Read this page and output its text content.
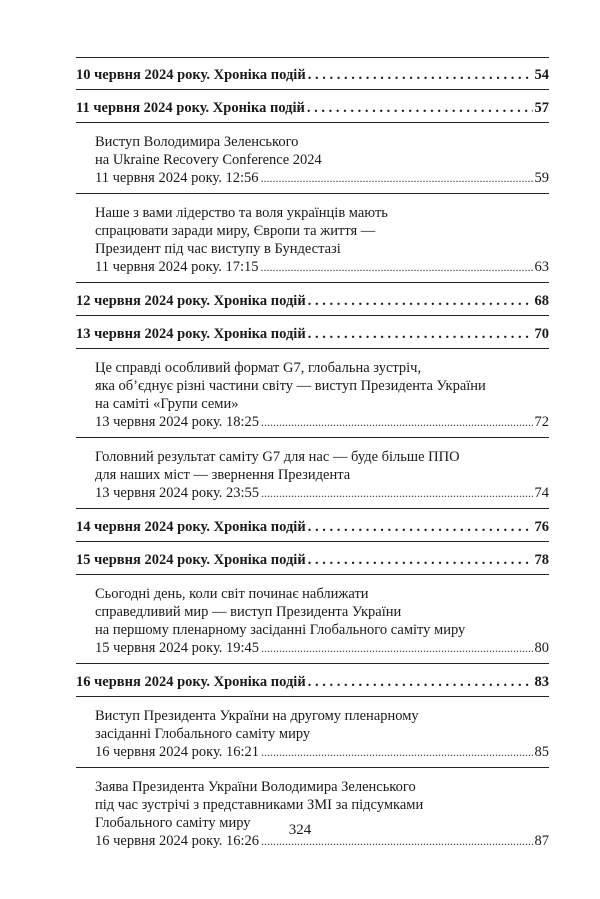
10 червня 2024 року. Хроніка подій . . .	54
11 червня 2024 року. Хроніка подій . . .	57
Виступ Володимира Зеленського
на Ukraine Recovery Conference 2024
11 червня 2024 року. 12:56 .....	59
Наше з вами лідерство та воля українців мають
спрацювати заради миру, Європи та життя —
Президент під час виступу в Бундестазі
11 червня 2024 року. 17:15 .....	63
12 червня 2024 року. Хроніка подій . . .	68
13 червня 2024 року. Хроніка подій . . .	70
Це справді особливий формат G7, глобальна зустріч,
яка об’єднує різні частини світу — виступ Президента України
на саміті «Групи семи»
13 червня 2024 року. 18:25 .....	72
Головний результат саміту G7 для нас — буде більше ППО
для наших міст — звернення Президента
13 червня 2024 року. 23:55 .....	74
14 червня 2024 року. Хроніка подій . . .	76
15 червня 2024 року. Хроніка подій . . .	78
Сьогодні день, коли світ починає наближати
справедливий мир — виступ Президента України
на першому пленарному засіданні Глобального саміту миру
15 червня 2024 року. 19:45 .....	80
16 червня 2024 року. Хроніка подій . . .	83
Виступ Президента України на другому пленарному
засіданні Глобального саміту миру
16 червня 2024 року. 16:21 .....	85
Заява Президента України Володимира Зеленського
під час зустрічі з представниками ЗМІ за підсумками
Глобального саміту миру
16 червня 2024 року. 16:26 .....	87
324
